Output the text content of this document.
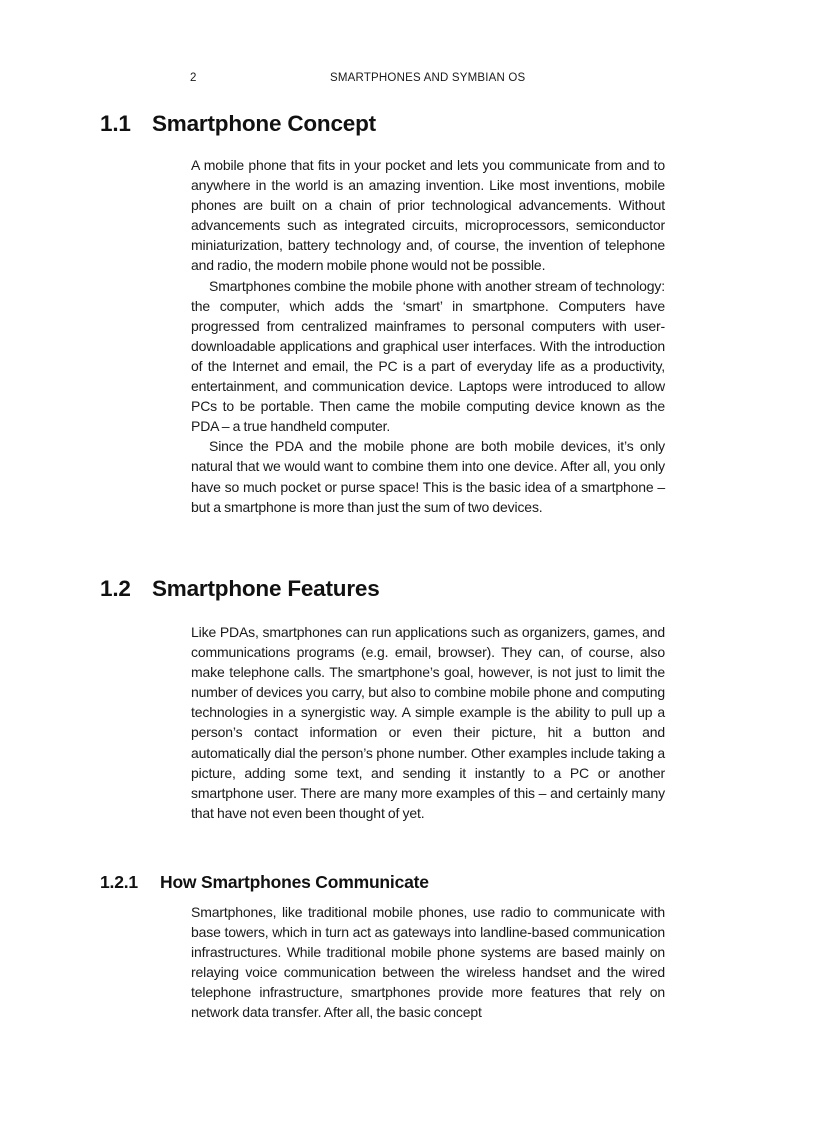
2	SMARTPHONES AND SYMBIAN OS
1.1 Smartphone Concept

A mobile phone that fits in your pocket and lets you communicate from and to anywhere in the world is an amazing invention. Like most inventions, mobile phones are built on a chain of prior technological advancements. Without advancements such as integrated circuits, microprocessors, semiconductor miniaturization, battery technology and, of course, the invention of telephone and radio, the modern mobile phone would not be possible.

Smartphones combine the mobile phone with another stream of technology: the computer, which adds the ‘smart’ in smartphone. Computers have progressed from centralized mainframes to personal computers with user-downloadable applications and graphical user interfaces. With the introduction of the Internet and email, the PC is a part of everyday life as a productivity, entertainment, and communication device. Laptops were introduced to allow PCs to be portable. Then came the mobile computing device known as the PDA – a true handheld computer.

Since the PDA and the mobile phone are both mobile devices, it’s only natural that we would want to combine them into one device. After all, you only have so much pocket or purse space! This is the basic idea of a smartphone – but a smartphone is more than just the sum of two devices.

1.2 Smartphone Features

Like PDAs, smartphones can run applications such as organizers, games, and communications programs (e.g. email, browser). They can, of course, also make telephone calls. The smartphone’s goal, however, is not just to limit the number of devices you carry, but also to combine mobile phone and computing technologies in a synergistic way. A simple example is the ability to pull up a person’s contact information or even their picture, hit a button and automatically dial the person’s phone number. Other examples include taking a picture, adding some text, and sending it instantly to a PC or another smartphone user. There are many more examples of this – and certainly many that have not even been thought of yet.

1.2.1 How Smartphones Communicate

Smartphones, like traditional mobile phones, use radio to communicate with base towers, which in turn act as gateways into landline-based communication infrastructures. While traditional mobile phone systems are based mainly on relaying voice communication between the wireless handset and the wired telephone infrastructure, smartphones provide more features that rely on network data transfer. After all, the basic concept
